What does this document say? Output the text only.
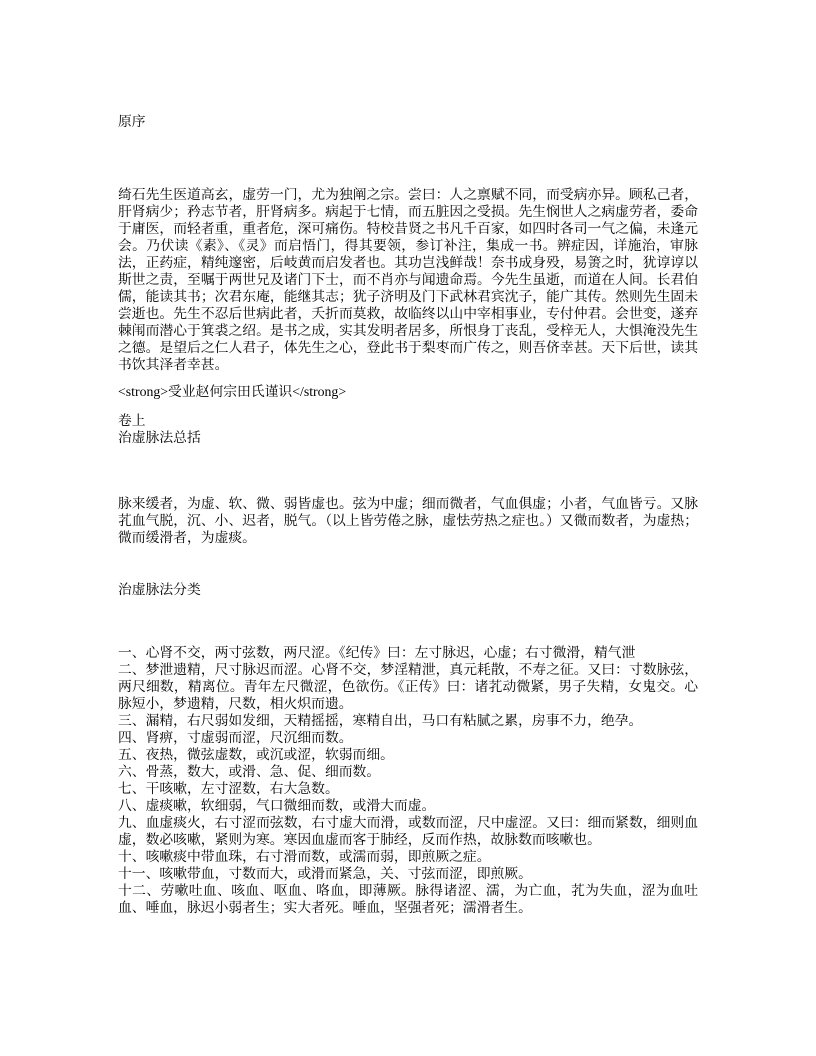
原序

绮石先生医道高玄，虚劳一门，尤为独阐之宗。尝曰：人之禀赋不同，而受病亦异。顾私己者，肝肾病少；矜志节者，肝肾病多。病起于七情，而五脏因之受损。先生悯世人之病虚劳者，委命于庸医，而轻者重，重者危，深可痛伤。特校昔贤之书凡千百家，如四时各司一气之偏，未逢元会。乃伏读《素》、《灵》而启悟门，得其要领，参订补注，集成一书。辨症因，详施治，审脉法，正药症，精纯邃密，后岐黄而启发者也。其功岂浅鲜哉！奈书成身殁，易箦之时，犹谆谆以斯世之责，至嘱于两世兄及诸门下士，而不肖亦与闻遗命焉。今先生虽逝，而道在人间。长君伯儒，能读其书；次君东庵，能继其志；犹子济明及门下武林君宾沈子，能广其传。然则先生固未尝逝也。先生不忍后世病此者，夭折而莫救，故临终以山中宰相事业，专付仲君。会世变，遂弃棘闱而潜心于箕裘之绍。是书之成，实其发明者居多，所恨身丁丧乱，受梓无人，大惧淹没先生之德。是望后之仁人君子，体先生之心，登此书于梨枣而广传之，则吾侪幸甚。天下后世，读其书饮其泽者幸甚。

<strong>受业赵何宗田氏谨识</strong>

卷上
治虚脉法总括

脉来缓者，为虚、软、微、弱皆虚也。弦为中虚；细而微者，气血俱虚；小者，气血皆亏。又脉芤血气脱，沉、小、迟者，脱气。（以上皆劳倦之脉，虚怯劳热之症也。）又微而数者，为虚热；微而缓滑者，为虚痰。

治虚脉法分类

一、心肾不交，两寸弦数，两尺涩。《纪传》曰：左寸脉迟，心虚；右寸微滑，精气泄

二、梦泄遗精，尺寸脉迟而涩。心肾不交，梦淫精泄，真元耗散，不寿之征。又曰：寸数脉弦，两尺细数，精离位。青年左尺微涩，色欲伤。《正传》曰：诸芤动微紧，男子失精，女鬼交。心脉短小，梦遗精，尺数，相火炽而遗。

三、漏精，右尺弱如发细，天精摇摇，寒精自出，马口有粘腻之累，房事不力，绝孕。

四、肾痹，寸虚弱而涩，尺沉细而数。

五、夜热，微弦虚数，或沉或涩，软弱而细。

六、骨蒸，数大，或滑、急、促、细而数。

七、干咳嗽，左寸涩数，右大急数。

八、虚痰嗽，软细弱，气口微细而数，或滑大而虚。

九、血虚痰火，右寸涩而弦数，右寸虚大而滑，或数而涩，尺中虚涩。又曰：细而紧数，细则血虚，数必咳嗽，紧则为寒。寒因血虚而客于肺经，反而作热，故脉数而咳嗽也。

十、咳嗽痰中带血珠，右寸滑而数，或濡而弱，即煎厥之症。

十一、咳嗽带血，寸数而大，或滑而紧急，关、寸弦而涩，即煎厥。

十二、劳嗽吐血、咳血、呕血、咯血，即薄厥。脉得诸涩、濡，为亡血，芤为失血，涩为血吐血、唾血，脉迟小弱者生；实大者死。唾血，坚强者死；濡滑者生。
